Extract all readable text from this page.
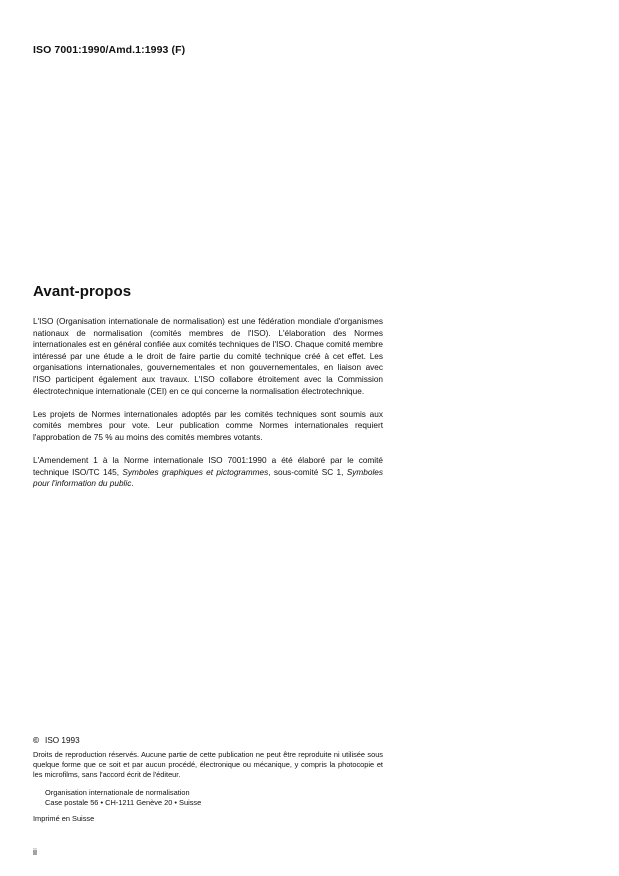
ISO 7001:1990/Amd.1:1993 (F)
Avant-propos

L'ISO (Organisation internationale de normalisation) est une fédération mondiale d'organismes nationaux de normalisation (comités membres de l'ISO). L'élaboration des Normes internationales est en général confiée aux comités techniques de l'ISO. Chaque comité membre intéressé par une étude a le droit de faire partie du comité technique créé à cet effet. Les organisations internationales, gouvernementales et non gouvernementales, en liaison avec l'ISO participent également aux travaux. L'ISO collabore étroitement avec la Commission électrotechnique internationale (CEI) en ce qui concerne la normalisation électrotechnique.

Les projets de Normes internationales adoptés par les comités techniques sont soumis aux comités membres pour vote. Leur publication comme Normes internationales requiert l'approbation de 75 % au moins des comités membres votants.

L'Amendement 1 à la Norme internationale ISO 7001:1990 a été élaboré par le comité technique ISO/TC 145, Symboles graphiques et pictogrammes, sous-comité SC 1, Symboles pour l'information du public.

© ISO 1993
Droits de reproduction réservés. Aucune partie de cette publication ne peut être reproduite ni utilisée sous quelque forme que ce soit et par aucun procédé, électronique ou mécanique, y compris la photocopie et les microfilms, sans l'accord écrit de l'éditeur.
Organisation internationale de normalisation
Case postale 56 • CH-1211 Genève 20 • Suisse
Imprimé en Suisse
ii
